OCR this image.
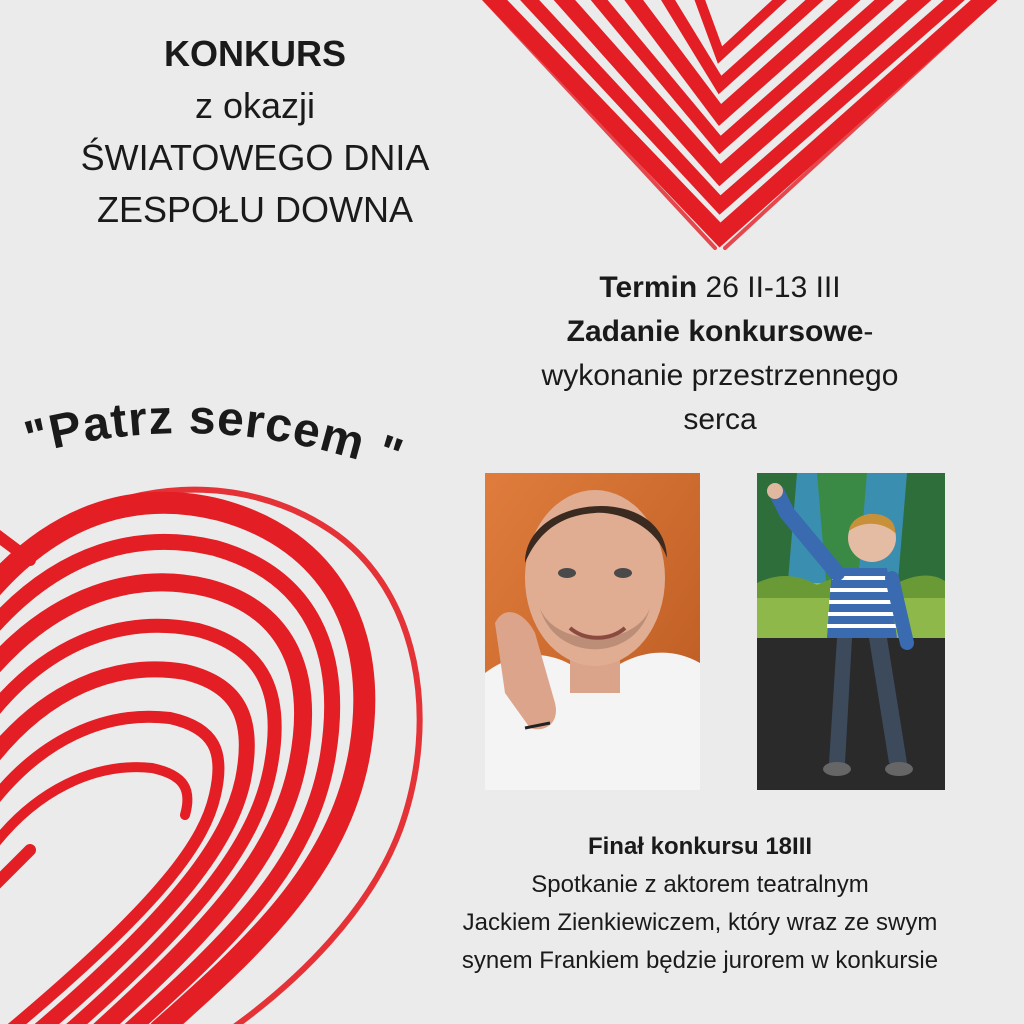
KONKURS
z okazji
ŚWIATOWEGO DNIA
ZESPOŁU DOWNA
"Patrz sercem "
Termin 26 II-13 III
Zadanie konkursowe-
wykonanie przestrzennego
serca
Finał konkursu 18III
Spotkanie z aktorem teatralnym
Jackiem Zienkiewiczem, który wraz ze swym
synem Frankiem będzie jurorem w konkursie
